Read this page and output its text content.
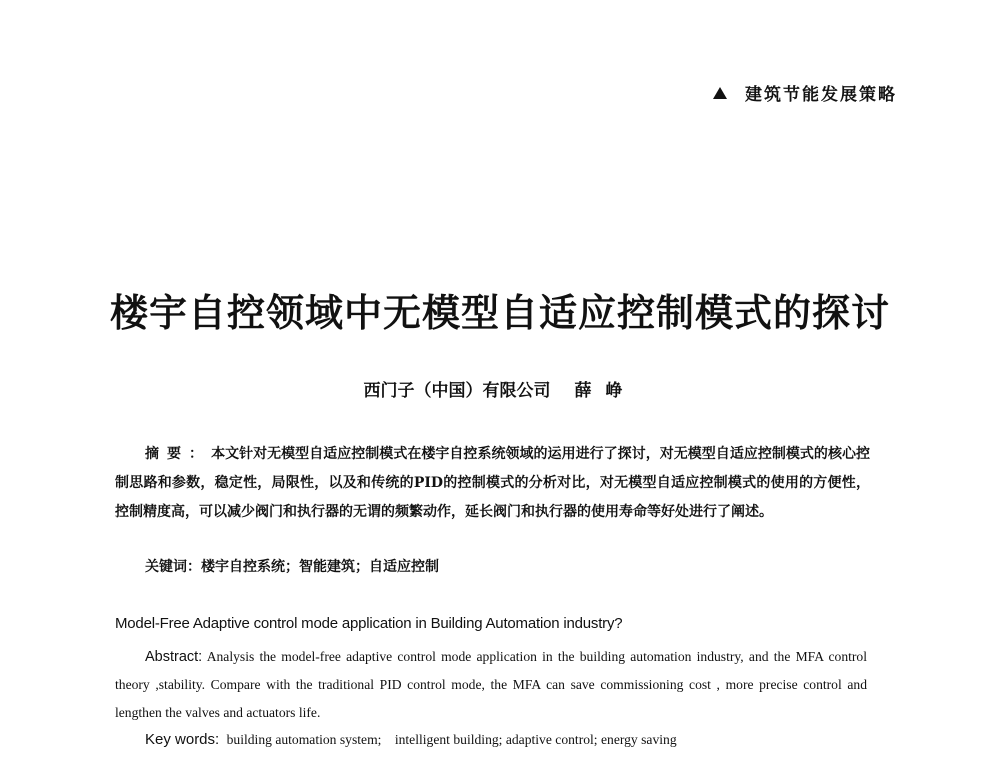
建筑节能发展策略
楼宇自控领域中无模型自适应控制模式的探讨
西门子（中国）有限公司 薛峥

摘要：本文针对无模型自适应控制模式在楼宇自控系统领域的运用进行了探讨，对无模型自适应控制模式的核心控制思路和参数，稳定性，局限性，以及和传统的PID的控制模式的分析对比，对无模型自适应控制模式的使用的方便性，控制精度高，可以减少阀门和执行器的无谓的频繁动作，延长阀门和执行器的使用寿命等好处进行了阐述。

关键词：楼宇自控系统；智能建筑；自适应控制
Model-Free Adaptive control mode application in Building Automation industry?

Abstract: Analysis the model-free adaptive control mode application in the building automation industry, and the MFA control theory ,stability. Compare with the traditional PID control mode, the MFA can save commissioning cost , more precise control and lengthen the valves and actuators life.

Key words: building automation system; intelligent building; adaptive control; energy saving
